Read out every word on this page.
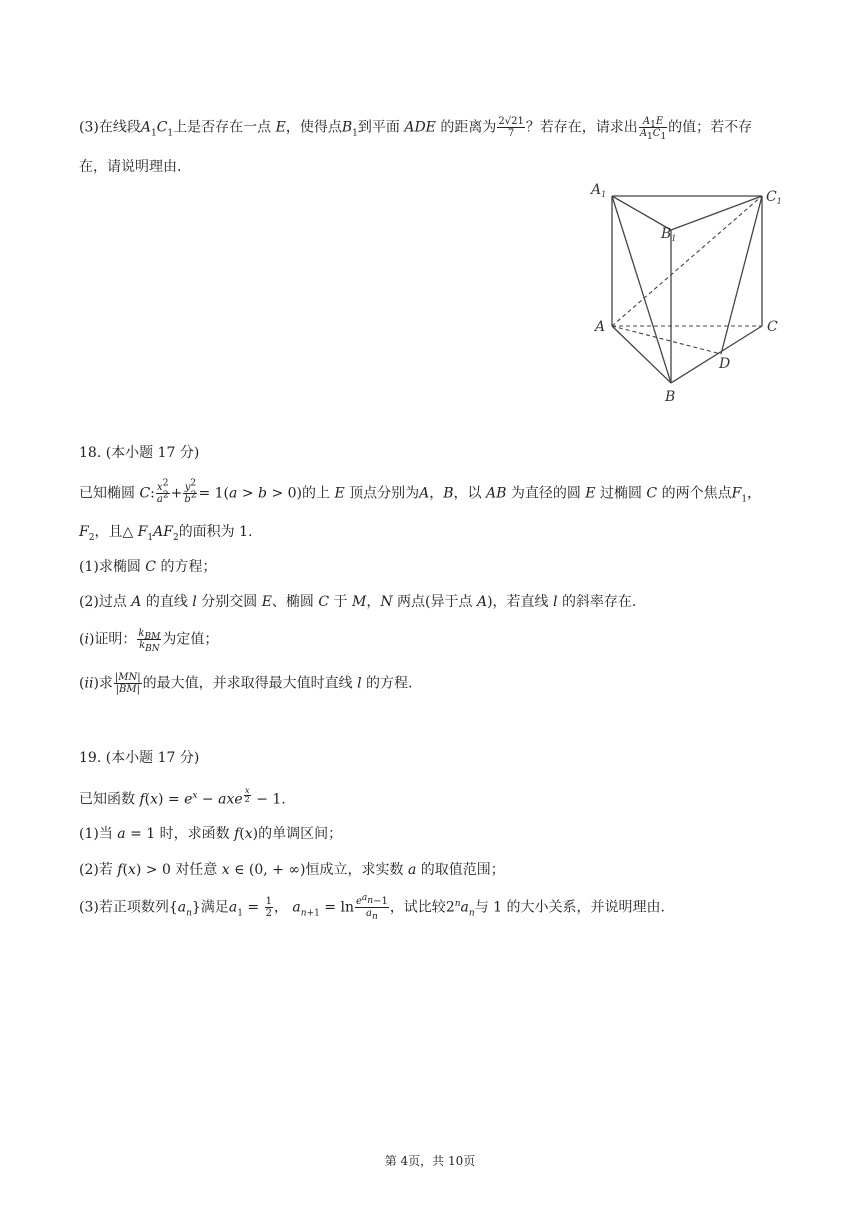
(3)在线段$A_1C_1$上是否存在一点 E，使得点$B_1$到平面 ADE 的距离为 $\frac{2√21}{7}$ ？若存在，请求出 $\frac{A_1E}{A_1C_1}$ 的值；若不存
在，请说明理由.
$A_1$
$B_1$
$C_1$
A
B
C
D
18. (本小题 17 分)
已知椭圆 C: $\frac{x^2}{a^2} + \frac{y^2}{b^2} = 1(a > b > 0)$的上 E 顶点分别为A，B，以 AB 为直径的圆 E 过椭圆 C 的两个焦点$F_1$，
$F_2$，且△ $F_1AF_2$的面积为 1.
(1)求椭圆 C 的方程；
(2)过点 A 的直线 l 分别交圆 E、椭圆 C 于 M，N 两点(异于点 A)，若直线 l 的斜率存在.
(i)证明： $\frac{k_{BM}}{k_{BN}}$ 为定值；
(ii)求 $\frac{|MN|}{|BM|}$ 的最大值，并求取得最大值时直线 l 的方程.
19. (本小题 17 分)
已知函数 $f(x) = e^x$ − axe $^{\frac{x}{2}}$ − 1.
(1)当 a = 1 时，求函数 f(x)的单调区间；
(2)若 f(x) > 0 对任意 x ∈ (0, + ∞)恒成立，求实数 a 的取值范围；
(3)若正项数列$\{a_n\}$满足$a_1 = \frac{1}{2}$ ， $a_{n+1} = \ln \frac{e^{a_n}-1}{a_n}$ ，试比较$2^na_n$与 1 的大小关系，并说明理由.
第 4页，共 10页
